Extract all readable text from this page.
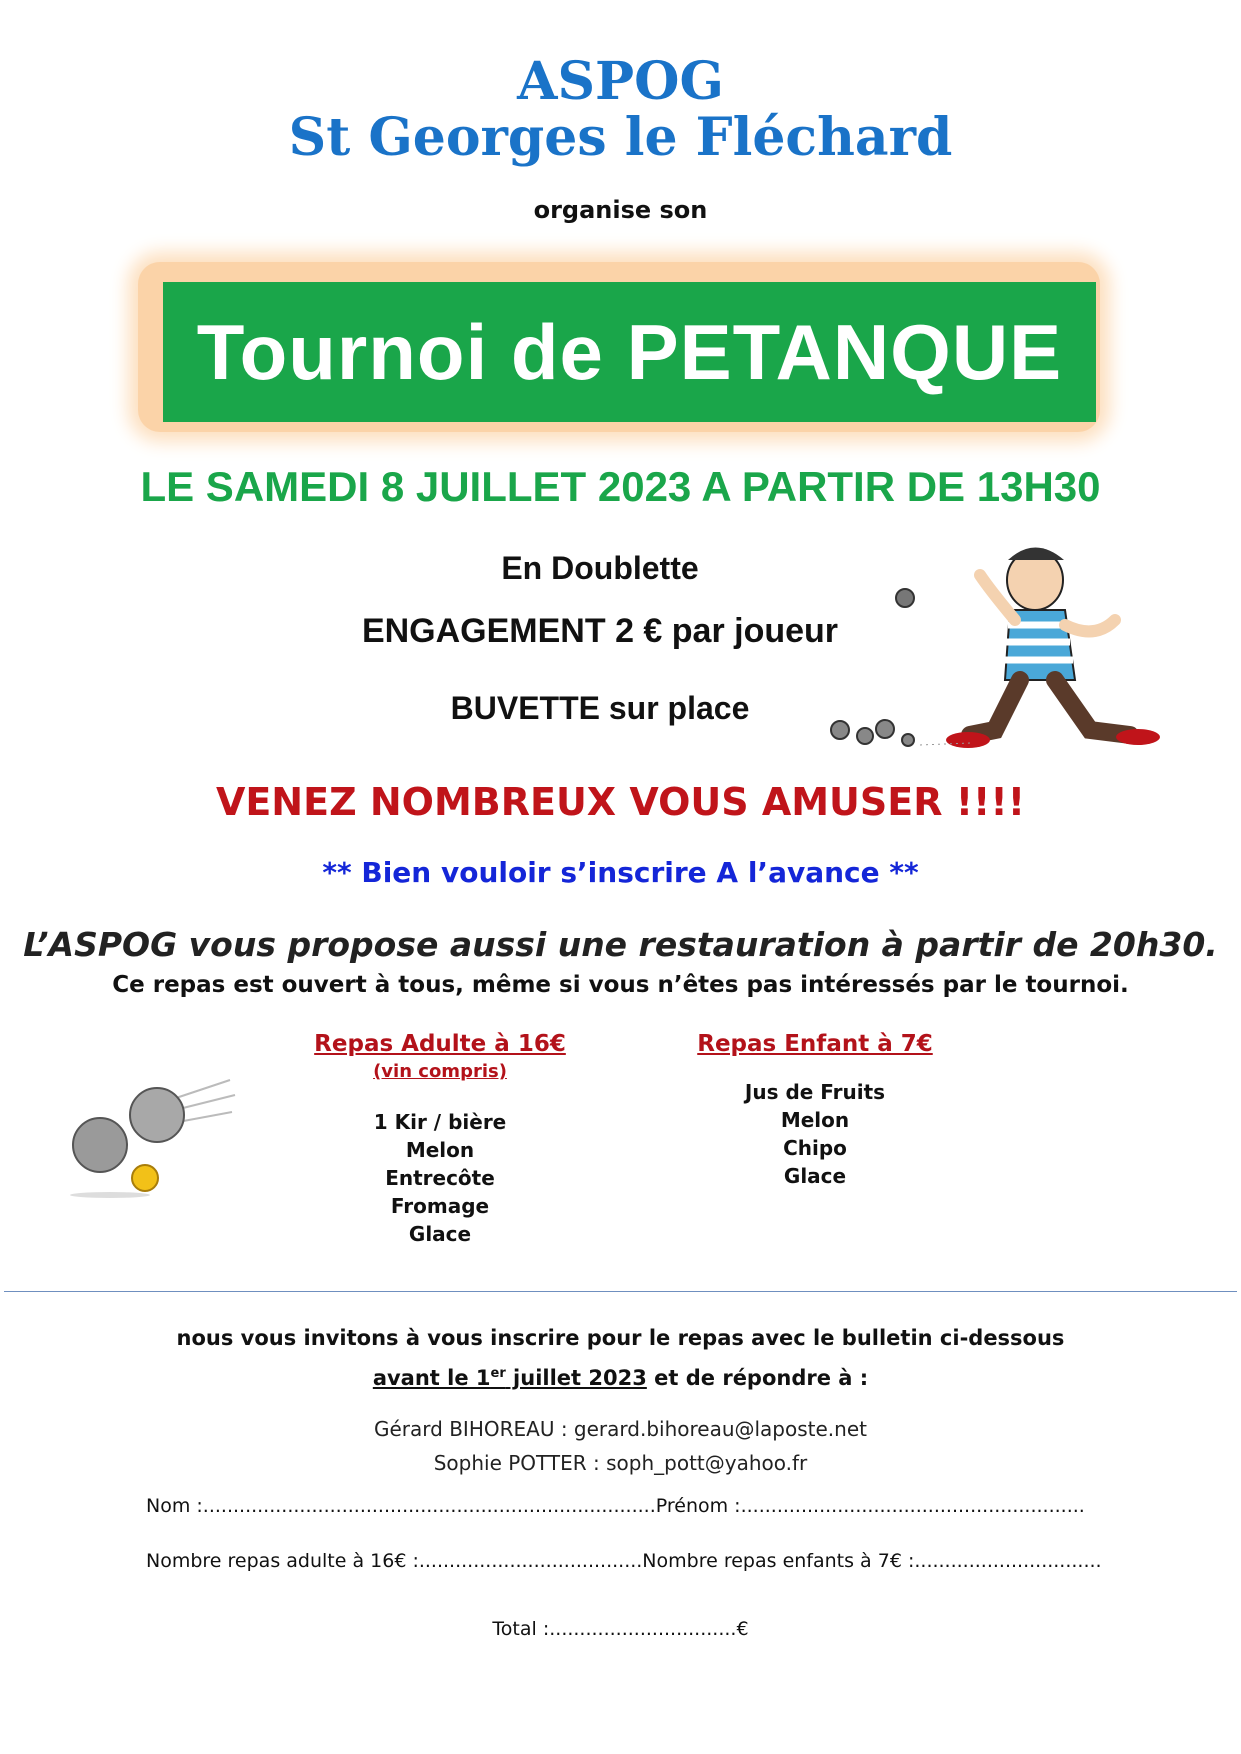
ASPOG
St Georges le Fléchard
organise son
Tournoi de PETANQUE
LE SAMEDI 8 JUILLET 2023 A PARTIR DE 13H30
En Doublette
ENGAGEMENT 2 € par joueur
BUVETTE sur place
VENEZ NOMBREUX VOUS AMUSER !!!!
** Bien vouloir s’inscrire A l’avance **
L’ASPOG vous propose aussi une restauration à partir de 20h30.
Ce repas est ouvert à tous, même si vous n’êtes pas intéressés par le tournoi.
Repas Adulte à 16€
(vin compris)
1 Kir / bière
Melon
Entrecôte
Fromage
Glace
Repas Enfant à 7€
Jus de Fruits
Melon
Chipo
Glace
nous vous invitons à vous inscrire pour le repas avec le bulletin ci-dessous
avant le 1er juillet 2023 et de répondre à :
Gérard BIHOREAU : gerard.bihoreau@laposte.net
Sophie POTTER : soph_pott@yahoo.fr
Nom :...........................................................................Prénom :.........................................................
Nombre repas adulte à 16€ :.....................................Nombre repas enfants à 7€ :...............................
Total :...............................€
